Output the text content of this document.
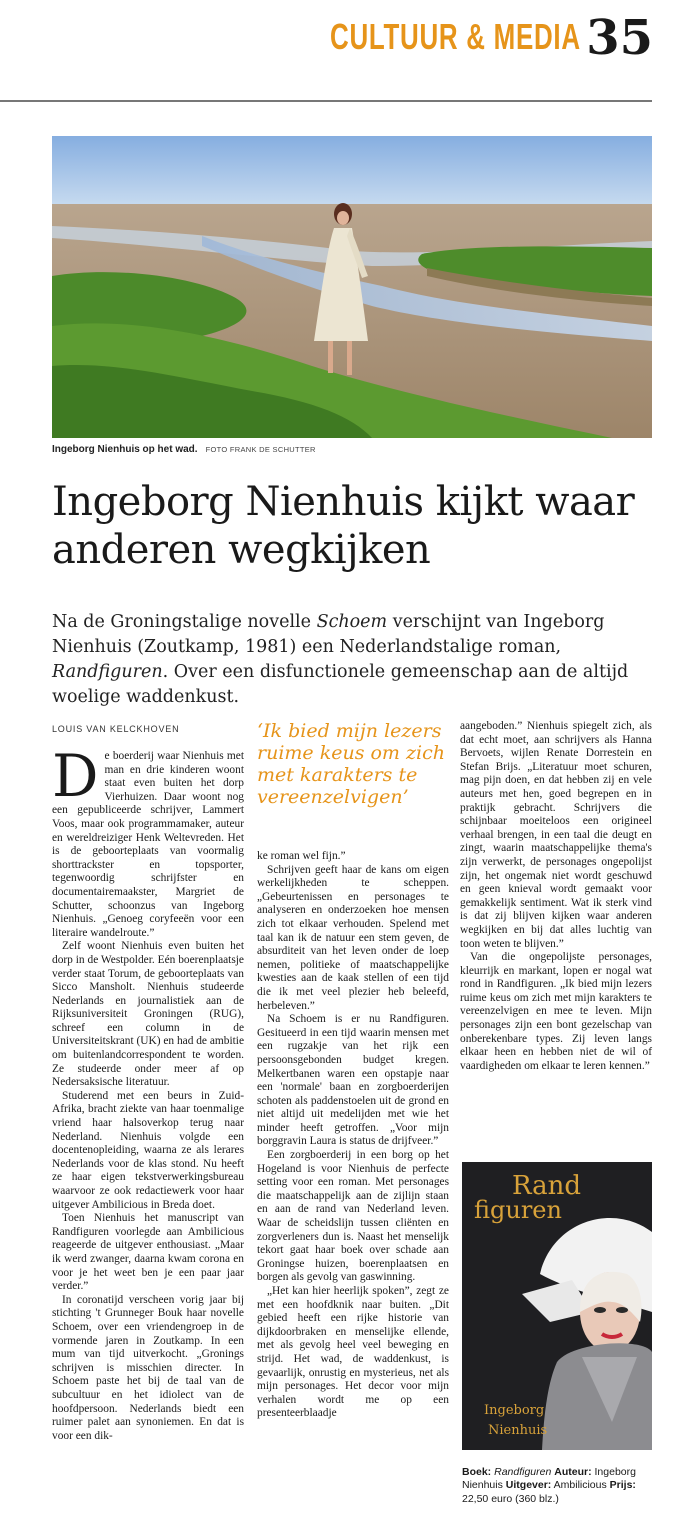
CULTUUR & MEDIA 35
Ingeborg Nienhuis op het wad. FOTO FRANK DE SCHUTTER
Ingeborg Nienhuis kijkt waar anderen wegkijken
Na de Groningstalige novelle Schoem verschijnt van Ingeborg Nienhuis (Zoutkamp, 1981) een Nederlandstalige roman, Randfiguren. Over een disfunctionele gemeenschap aan de altijd woelige waddenkust.
LOUIS VAN KELCKHOVEN

De boerderij waar Nienhuis met man en drie kinderen woont staat even buiten het dorp Vierhuizen. Daar woont nog een gepubliceerde schrijver, Lammert Voos, maar ook programmamaker, auteur en wereldreiziger Henk Weltevreden. Het is de geboorteplaats van voormalig shorttrackster en topsporter, tegenwoordig schrijfster en documentairemaakster, Margriet de Schutter, schoonzus van Ingeborg Nienhuis. „Genoeg coryfeeën voor een literaire wandelroute.”

Zelf woont Nienhuis even buiten het dorp in de Westpolder. Eén boerenplaatsje verder staat Torum, de geboorteplaats van Sicco Mansholt. Nienhuis studeerde Nederlands en journalistiek aan de Rijksuniversiteit Groningen (RUG), schreef een column in de Universiteitskrant (UK) en had de ambitie om buitenlandcorrespondent te worden. Ze studeerde onder meer af op Nedersaksische literatuur.

Studerend met een beurs in Zuid-Afrika, bracht ziekte van haar toenmalige vriend haar halsoverkop terug naar Nederland. Nienhuis volgde een docentenopleiding, waarna ze als lerares Nederlands voor de klas stond. Nu heeft ze haar eigen tekstverwerkingsbureau waarvoor ze ook redactiewerk voor haar uitgever Ambilicious in Breda doet.

Toen Nienhuis het manuscript van Randfiguren voorlegde aan Ambilicious reageerde de uitgever enthousiast. „Maar ik werd zwanger, daarna kwam corona en voor je het weet ben je een paar jaar verder.”

In coronatijd verscheen vorig jaar bij stichting 't Grunneger Bouk haar novelle Schoem, over een vriendengroep in de vormende jaren in Zoutkamp. In een mum van tijd uitverkocht. „Gronings schrijven is misschien directer. In Schoem paste het bij de taal van de subcultuur en het idiolect van de hoofdpersoon. Nederlands biedt een ruimer palet aan synoniemen. En dat is voor een dik-

‘Ik bied mijn lezers ruime keus om zich met karakters te vereenzelvigen’

ke roman wel fijn.”

Schrijven geeft haar de kans om eigen werkelijkheden te scheppen. „Gebeurtenissen en personages te analyseren en onderzoeken hoe mensen zich tot elkaar verhouden. Spelend met taal kan ik de natuur een stem geven, de absurditeit van het leven onder de loep nemen, politieke of maatschappelijke kwesties aan de kaak stellen of een tijd die ik met veel plezier heb beleefd, herbeleven.”

Na Schoem is er nu Randfiguren. Gesitueerd in een tijd waarin mensen met een rugzakje van het rijk een persoonsgebonden budget kregen. Melkertbanen waren een opstapje naar een 'normale' baan en zorgboerderijen schoten als paddenstoelen uit de grond en niet altijd uit medelijden met wie het minder heeft getroffen. „Voor mijn borggravin Laura is status de drijfveer.”

Een zorgboerderij in een borg op het Hogeland is voor Nienhuis de perfecte setting voor een roman. Met personages die maatschappelijk aan de zijlijn staan en aan de rand van Nederland leven. Waar de scheidslijn tussen cliënten en zorgverleners dun is. Naast het menselijk tekort gaat haar boek over schade aan Groningse huizen, boerenplaatsen en borgen als gevolg van gaswinning.

„Het kan hier heerlijk spoken”, zegt ze met een hoofdknik naar buiten. „Dit gebied heeft een rijke historie van dijkdoorbraken en menselijke ellende, met als gevolg heel veel beweging en strijd. Het wad, de waddenkust, is gevaarlijk, onrustig en mysterieus, net als mijn personages. Het decor voor mijn verhalen wordt me op een presenteerblaadje

aangeboden.” Nienhuis spiegelt zich, als dat echt moet, aan schrijvers als Hanna Bervoets, wijlen Renate Dorrestein en Stefan Brijs. „Literatuur moet schuren, mag pijn doen, en dat hebben zij en vele auteurs met hen, goed begrepen en in praktijk gebracht. Schrijvers die schijnbaar moeiteloos een origineel verhaal brengen, in een taal die deugt en zingt, waarin maatschappelijke thema's zijn verwerkt, de personages ongepolijst zijn, het ongemak niet wordt geschuwd en geen knieval wordt gemaakt voor gemakkelijk sentiment. Wat ik sterk vind is dat zij blijven kijken waar anderen wegkijken en bij dat alles luchtig van toon weten te blijven.”

Van die ongepolijste personages, kleurrijk en markant, lopen er nogal wat rond in Randfiguren. „Ik bied mijn lezers ruime keus om zich met mijn karakters te vereenzelvigen en mee te leven. Mijn personages zijn een bont gezelschap van onberekenbare types. Zij leven langs elkaar heen en hebben niet de wil of vaardigheden om elkaar te leren kennen.”

Rand
figuren
Ingeborg
Nienhuis
Boek: Randfiguren Auteur: Ingeborg Nienhuis Uitgever: Ambilicious Prijs: 22,50 euro (360 blz.)
